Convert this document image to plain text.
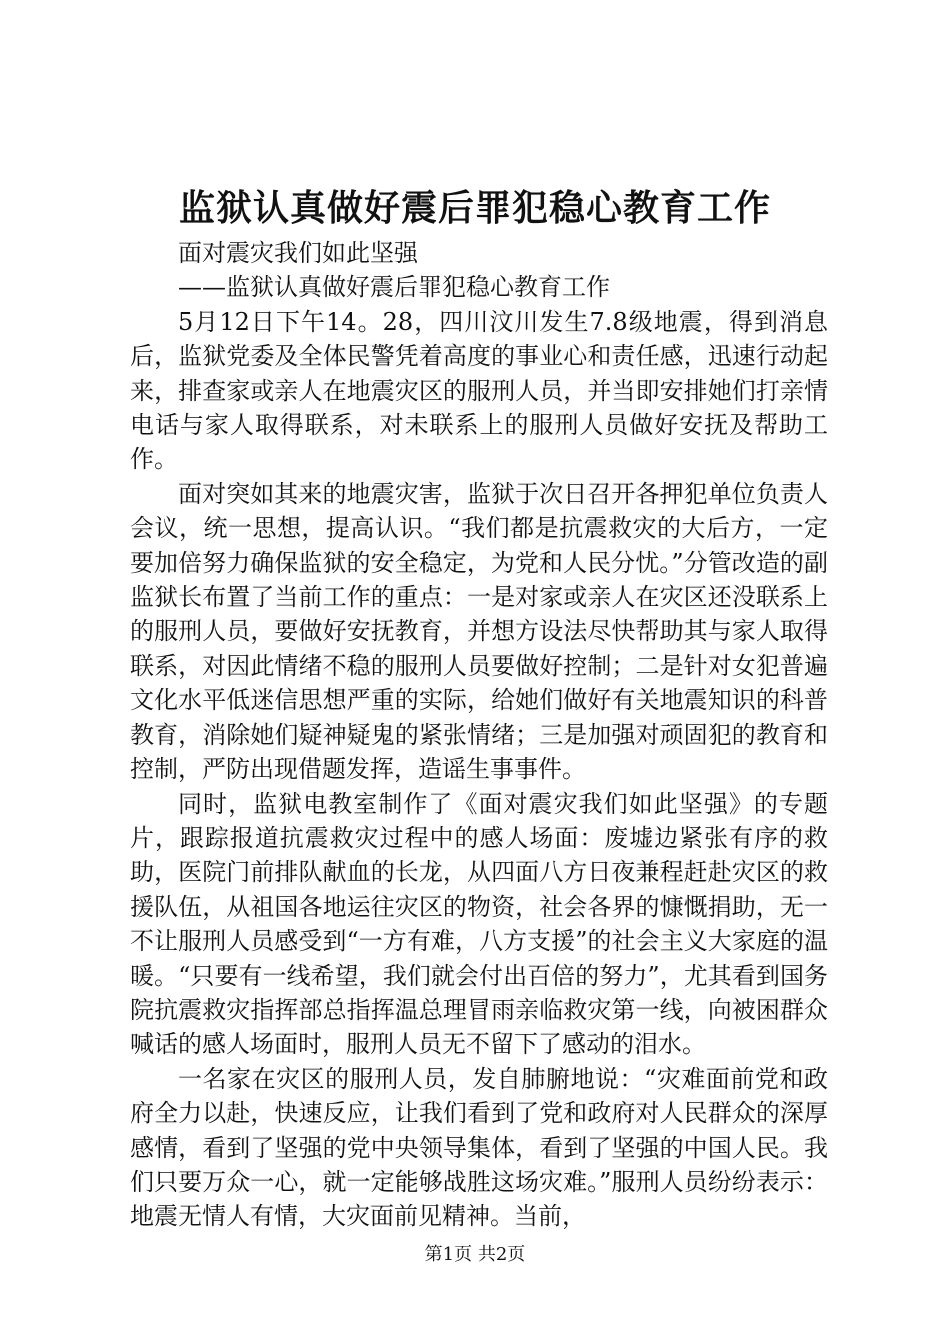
监狱认真做好震后罪犯稳心教育工作

面对震灾我们如此坚强

——监狱认真做好震后罪犯稳心教育工作

5月12日下午14。28，四川汶川发生7.8级地震，得到消息后，监狱党委及全体民警凭着高度的事业心和责任感，迅速行动起来，排查家或亲人在地震灾区的服刑人员，并当即安排她们打亲情电话与家人取得联系，对未联系上的服刑人员做好安抚及帮助工作。

面对突如其来的地震灾害，监狱于次日召开各押犯单位负责人会议，统一思想，提高认识。“我们都是抗震救灾的大后方，一定要加倍努力确保监狱的安全稳定，为党和人民分忧。”分管改造的副监狱长布置了当前工作的重点：一是对家或亲人在灾区还没联系上的服刑人员，要做好安抚教育，并想方设法尽快帮助其与家人取得联系，对因此情绪不稳的服刑人员要做好控制；二是针对女犯普遍文化水平低迷信思想严重的实际，给她们做好有关地震知识的科普教育，消除她们疑神疑鬼的紧张情绪；三是加强对顽固犯的教育和控制，严防出现借题发挥，造谣生事事件。

同时，监狱电教室制作了《面对震灾我们如此坚强》的专题片，跟踪报道抗震救灾过程中的感人场面：废墟边紧张有序的救助，医院门前排队献血的长龙，从四面八方日夜兼程赶赴灾区的救援队伍，从祖国各地运往灾区的物资，社会各界的慷慨捐助，无一不让服刑人员感受到“一方有难，八方支援”的社会主义大家庭的温暖。“只要有一线希望，我们就会付出百倍的努力”，尤其看到国务院抗震救灾指挥部总指挥温总理冒雨亲临救灾第一线，向被困群众喊话的感人场面时，服刑人员无不留下了感动的泪水。

一名家在灾区的服刑人员，发自肺腑地说：“灾难面前党和政府全力以赴，快速反应，让我们看到了党和政府对人民群众的深厚感情，看到了坚强的党中央领导集体，看到了坚强的中国人民。我们只要万众一心，就一定能够战胜这场灾难。”服刑人员纷纷表示：地震无情人有情，大灾面前见精神。当前，

第1页 共2页
